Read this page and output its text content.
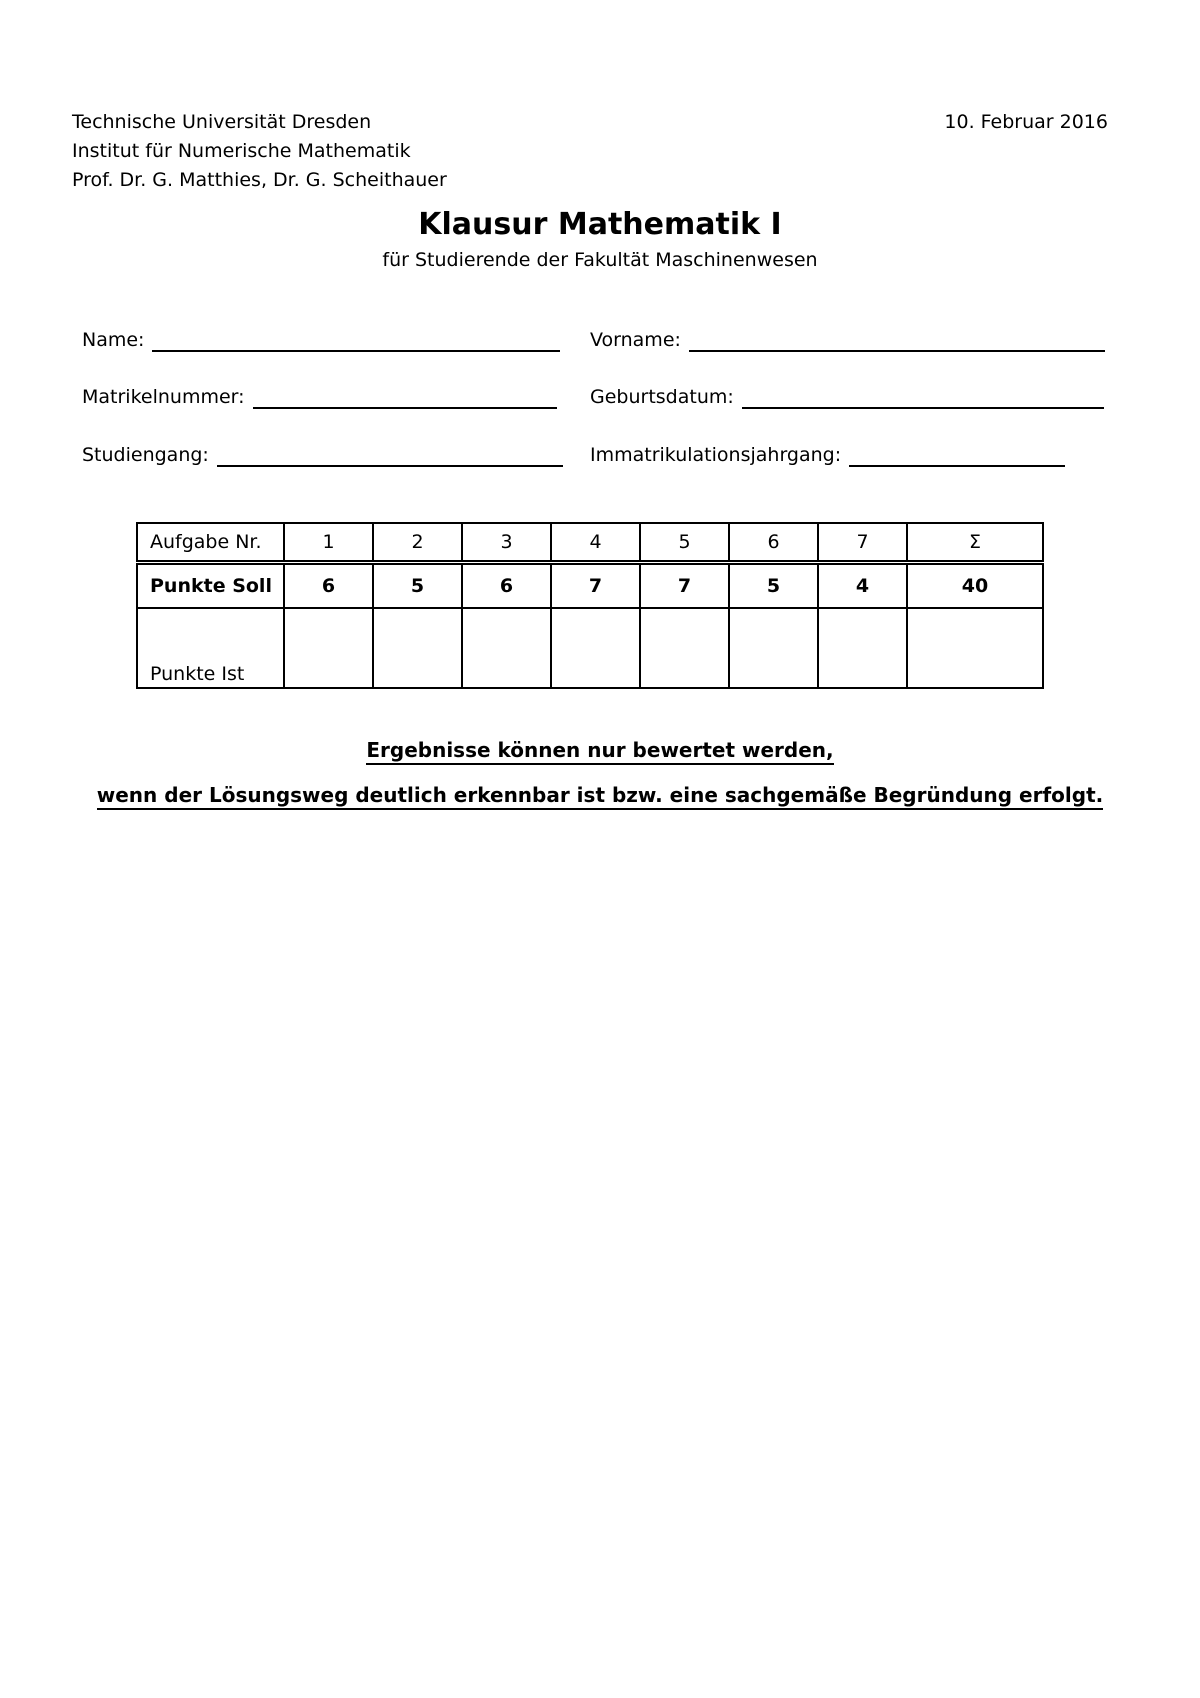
Technische Universität Dresden
Institut für Numerische Mathematik
Prof. Dr. G. Matthies, Dr. G. Scheithauer
10. Februar 2016
Klausur Mathematik I
für Studierende der Fakultät Maschinenwesen
Name:	Vorname:
Matrikelnummer:	Geburtsdatum:
Studiengang:	Immatrikulationsjahrgang:
Aufgabe Nr.	1	2	3	4	5	6	7	Σ
Punkte Soll	6	5	6	7	7	5	4	40
Punkte Ist								
Ergebnisse können nur bewertet werden,
wenn der Lösungsweg deutlich erkennbar ist bzw. eine sachgemäße Begründung erfolgt.
